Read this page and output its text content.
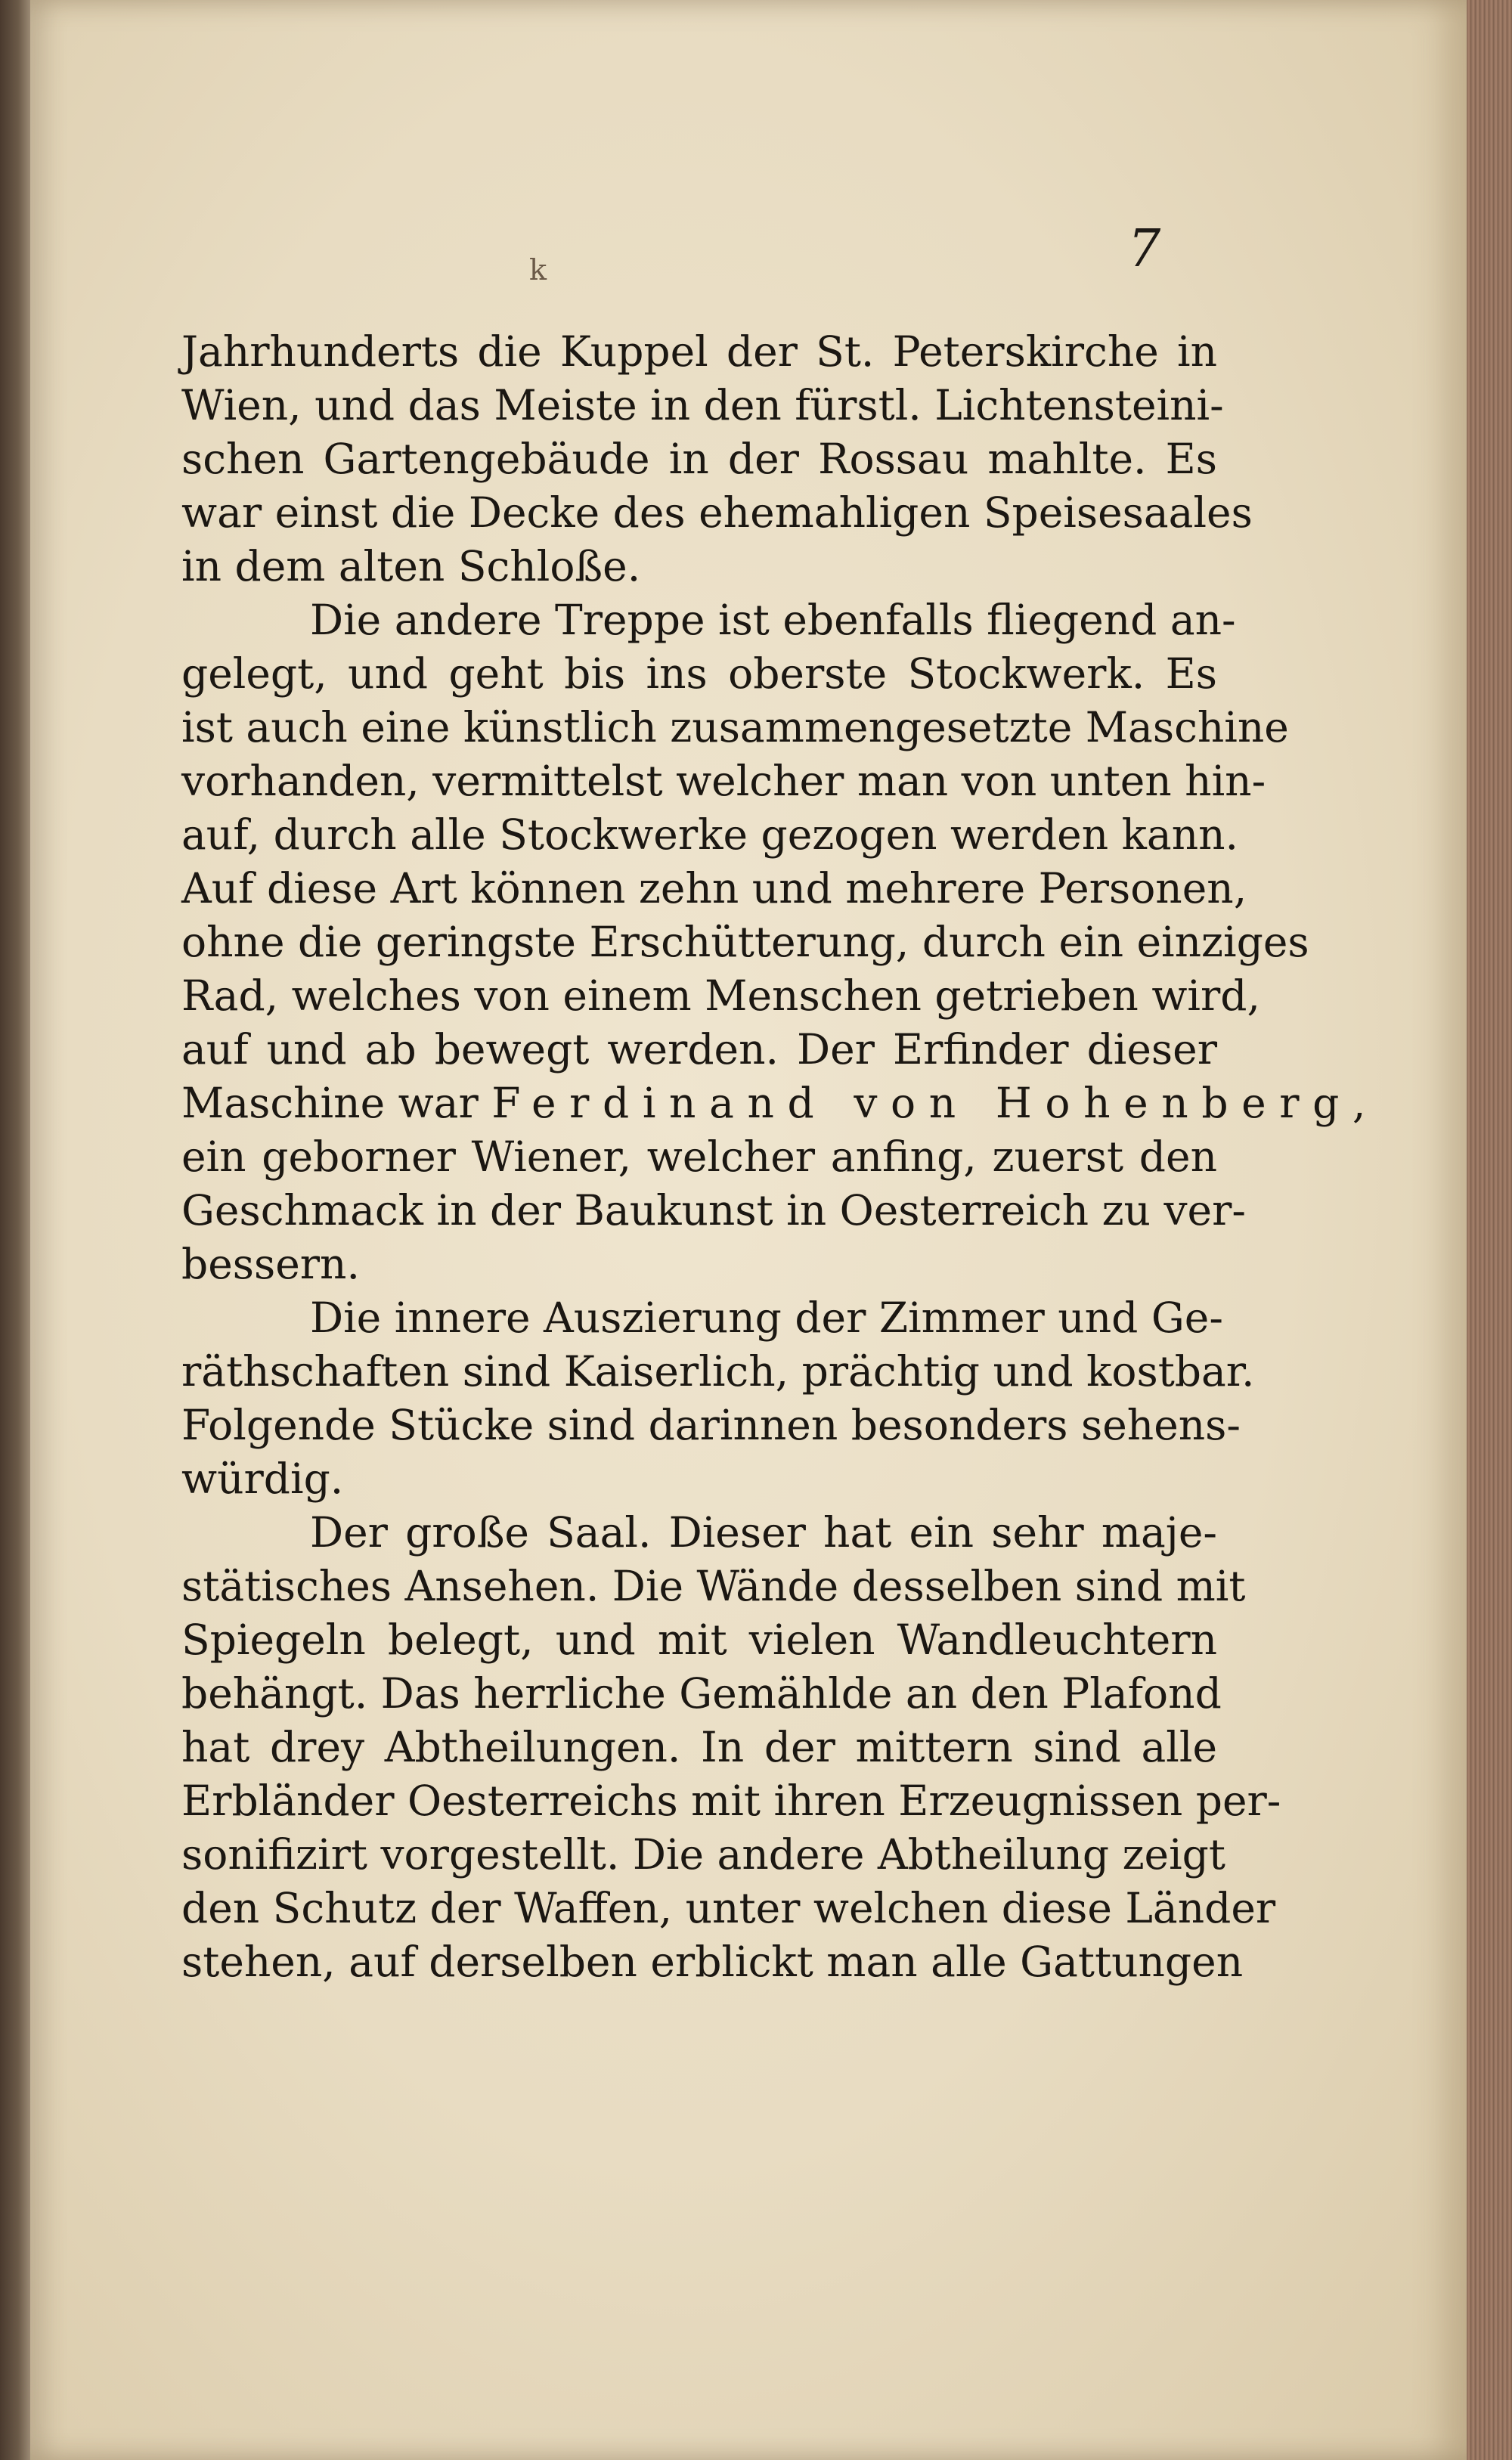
k	7
Jahrhunderts die Kuppel der St. Peterskirche in
Wien, und das Meiste in den fürstl. Lichtensteini-
schen Gartengebäude in der Rossau mahlte. Es
war einst die Decke des ehemahligen Speisesaales
in dem alten Schloße.
Die andere Treppe ist ebenfalls fliegend an-
gelegt, und geht bis ins oberste Stockwerk. Es
ist auch eine künstlich zusammengesetzte Maschine
vorhanden, vermittelst welcher man von unten hin-
auf, durch alle Stockwerke gezogen werden kann.
Auf diese Art können zehn und mehrere Personen,
ohne die geringste Erschütterung, durch ein einziges
Rad, welches von einem Menschen getrieben wird,
auf und ab bewegt werden. Der Erfinder dieser
Maschine war Ferdinand von Hohenberg,
ein geborner Wiener, welcher anfing, zuerst den
Geschmack in der Baukunst in Oesterreich zu ver-
bessern.
Die innere Auszierung der Zimmer und Ge-
räthschaften sind Kaiserlich, prächtig und kostbar.
Folgende Stücke sind darinnen besonders sehens-
würdig.
Der große Saal. Dieser hat ein sehr maje-
stätisches Ansehen. Die Wände desselben sind mit
Spiegeln belegt, und mit vielen Wandleuchtern
behängt. Das herrliche Gemählde an den Plafond
hat drey Abtheilungen. In der mittern sind alle
Erbländer Oesterreichs mit ihren Erzeugnissen per-
sonifizirt vorgestellt. Die andere Abtheilung zeigt
den Schutz der Waffen, unter welchen diese Länder
stehen, auf derselben erblickt man alle Gattungen
